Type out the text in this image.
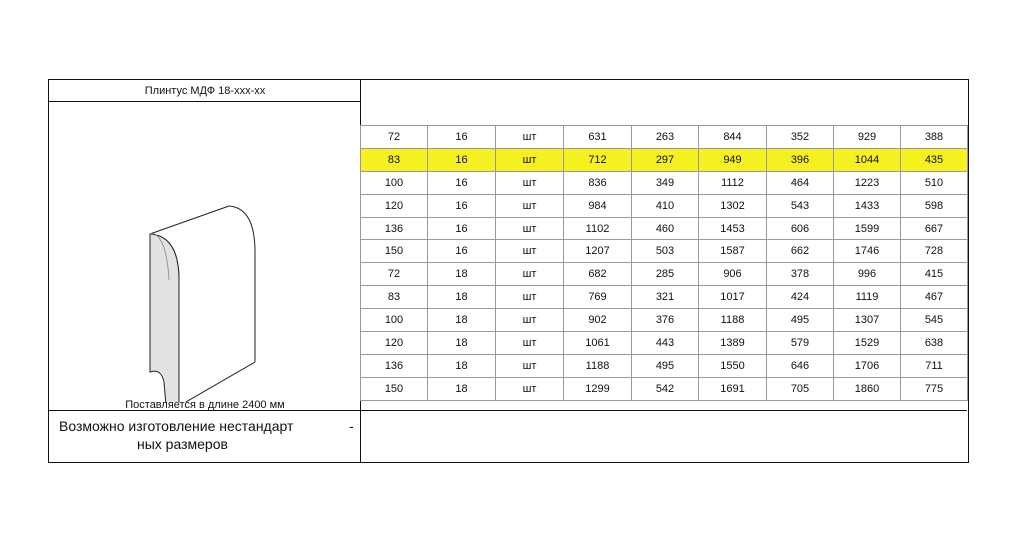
Плинтус МДФ 18-xxx-xx
Поставляется в длине 2400 мм
Возможно изготовление нестандарт	-
ных размеров
72	16	шт	631	263	844	352	929	388
83	16	шт	712	297	949	396	1044	435
100	16	шт	836	349	1112	464	1223	510
120	16	шт	984	410	1302	543	1433	598
136	16	шт	1102	460	1453	606	1599	667
150	16	шт	1207	503	1587	662	1746	728
72	18	шт	682	285	906	378	996	415
83	18	шт	769	321	1017	424	1119	467
100	18	шт	902	376	1188	495	1307	545
120	18	шт	1061	443	1389	579	1529	638
136	18	шт	1188	495	1550	646	1706	711
150	18	шт	1299	542	1691	705	1860	775
